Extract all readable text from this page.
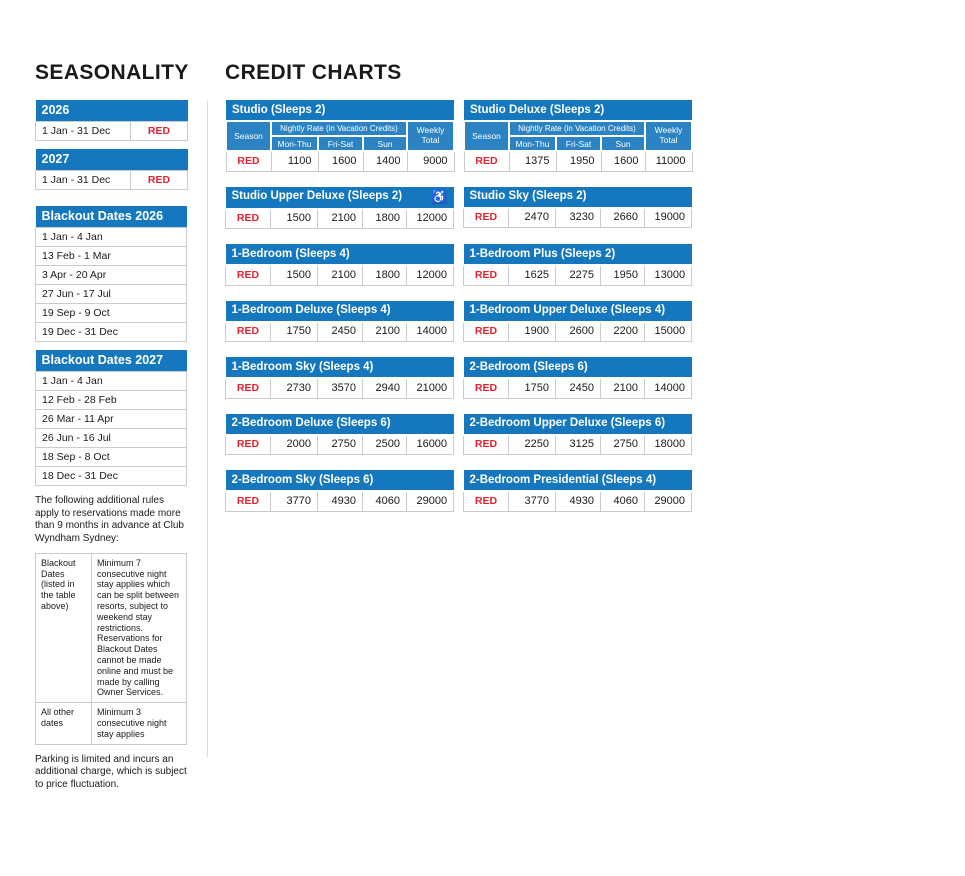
SEASONALITY
2026
1 Jan - 31 Dec	RED
2027
1 Jan - 31 Dec	RED
Blackout Dates 2026
1 Jan - 4 Jan
13 Feb - 1 Mar
3 Apr - 20 Apr
27 Jun - 17 Jul
19 Sep - 9 Oct
19 Dec - 31 Dec
Blackout Dates 2027
1 Jan - 4 Jan
12 Feb - 28 Feb
26 Mar - 11 Apr
26 Jun - 16 Jul
18 Sep - 8 Oct
18 Dec - 31 Dec

The following additional rules apply to reservations made more than 9 months in advance at Club Wyndham Sydney:

Blackout Dates (listed in the table above)	Minimum 7 consecutive night stay applies which can be split between resorts, subject to weekend stay restrictions. Reservations for Blackout Dates cannot be made online and must be made by calling Owner Services.
All other dates	Minimum 3 consecutive night stay applies

Parking is limited and incurs an additional charge, which is subject to price fluctuation.

CREDIT CHARTS
Studio (Sleeps 2)				
Season	Nightly Rate (in Vacation Credits)			Weekly Total
	Mon-Thu	Fri-Sat	Sun	
RED	1100	1600	1400	9000
Studio Deluxe (Sleeps 2)				
Season	Nightly Rate (in Vacation Credits)			Weekly Total
	Mon-Thu	Fri-Sat	Sun	
RED	1375	1950	1600	11000
♿
Studio Upper Deluxe (Sleeps 2)
RED	1500	2100	1800	12000
Studio Sky (Sleeps 2)
RED	2470	3230	2660	19000
1-Bedroom (Sleeps 4)
RED	1500	2100	1800	12000
1-Bedroom Plus (Sleeps 2)
RED	1625	2275	1950	13000
1-Bedroom Deluxe (Sleeps 4)
RED	1750	2450	2100	14000
1-Bedroom Upper Deluxe (Sleeps 4)
RED	1900	2600	2200	15000
1-Bedroom Sky (Sleeps 4)
RED	2730	3570	2940	21000
2-Bedroom (Sleeps 6)
RED	1750	2450	2100	14000
2-Bedroom Deluxe (Sleeps 6)
RED	2000	2750	2500	16000
2-Bedroom Upper Deluxe (Sleeps 6)
RED	2250	3125	2750	18000
2-Bedroom Sky (Sleeps 6)
RED	3770	4930	4060	29000
2-Bedroom Presidential (Sleeps 4)
RED	3770	4930	4060	29000
